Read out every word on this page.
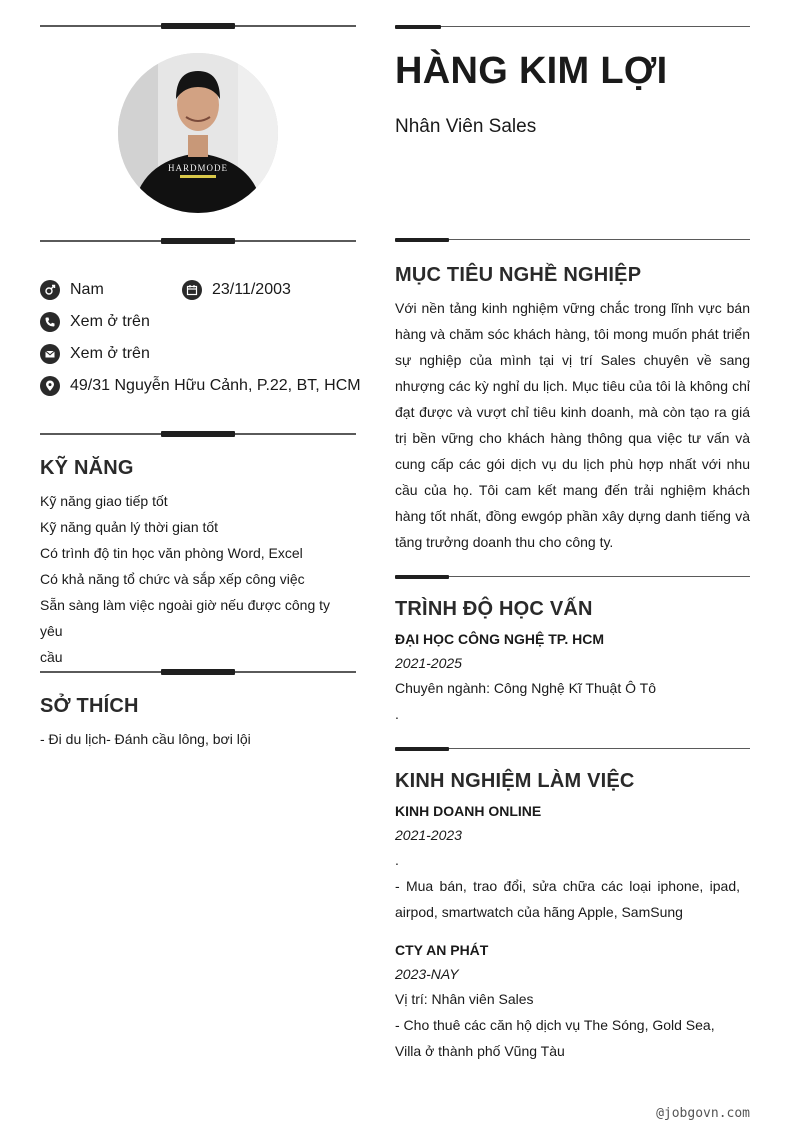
HARDMODE
Nam	23/11/2003
Xem ở trên
Xem ở trên
49/31 Nguyễn Hữu Cảnh, P.22, BT, HCM
KỸ NĂNG
Kỹ năng giao tiếp tốt
Kỹ năng quản lý thời gian tốt
Có trình độ tin học văn phòng Word, Excel
Có khả năng tổ chức và sắp xếp công việc
Sẵn sàng làm việc ngoài giờ nếu được công ty yêu
cầu
SỞ THÍCH

- Đi du lịch- Đánh cầu lông, bơi lội

HÀNG KIM LỢI
Nhân Viên Sales
MỤC TIÊU NGHỀ NGHIỆP

Với nền tảng kinh nghiệm vững chắc trong lĩnh vực bán hàng và chăm sóc khách hàng, tôi mong muốn phát triển sự nghiệp của mình tại vị trí Sales chuyên về sang nhượng các kỳ nghỉ du lịch. Mục tiêu của tôi là không chỉ đạt được và vượt chỉ tiêu kinh doanh, mà còn tạo ra giá trị bền vững cho khách hàng thông qua việc tư vấn và cung cấp các gói dịch vụ du lịch phù hợp nhất với nhu cầu của họ. Tôi cam kết mang đến trải nghiệm khách hàng tốt nhất, đồng ewgóp phần xây dựng danh tiếng và tăng trưởng doanh thu cho công ty.

TRÌNH ĐỘ HỌC VẤN
ĐẠI HỌC CÔNG NGHỆ TP. HCM
2021-2025
Chuyên ngành: Công Nghệ Kĩ Thuật Ô Tô
.
KINH NGHIỆM LÀM VIỆC
KINH DOANH ONLINE
2021-2023
.

- Mua bán, trao đổi, sửa chữa các loại iphone, ipad, airpod, smartwatch của hãng Apple, SamSung

CTY AN PHÁT
2023-NAY
Vị trí: Nhân viên Sales

- Cho thuê các căn hộ dịch vụ The Sóng, Gold Sea, Villa ở thành phố Vũng Tàu

@jobgovn.com
